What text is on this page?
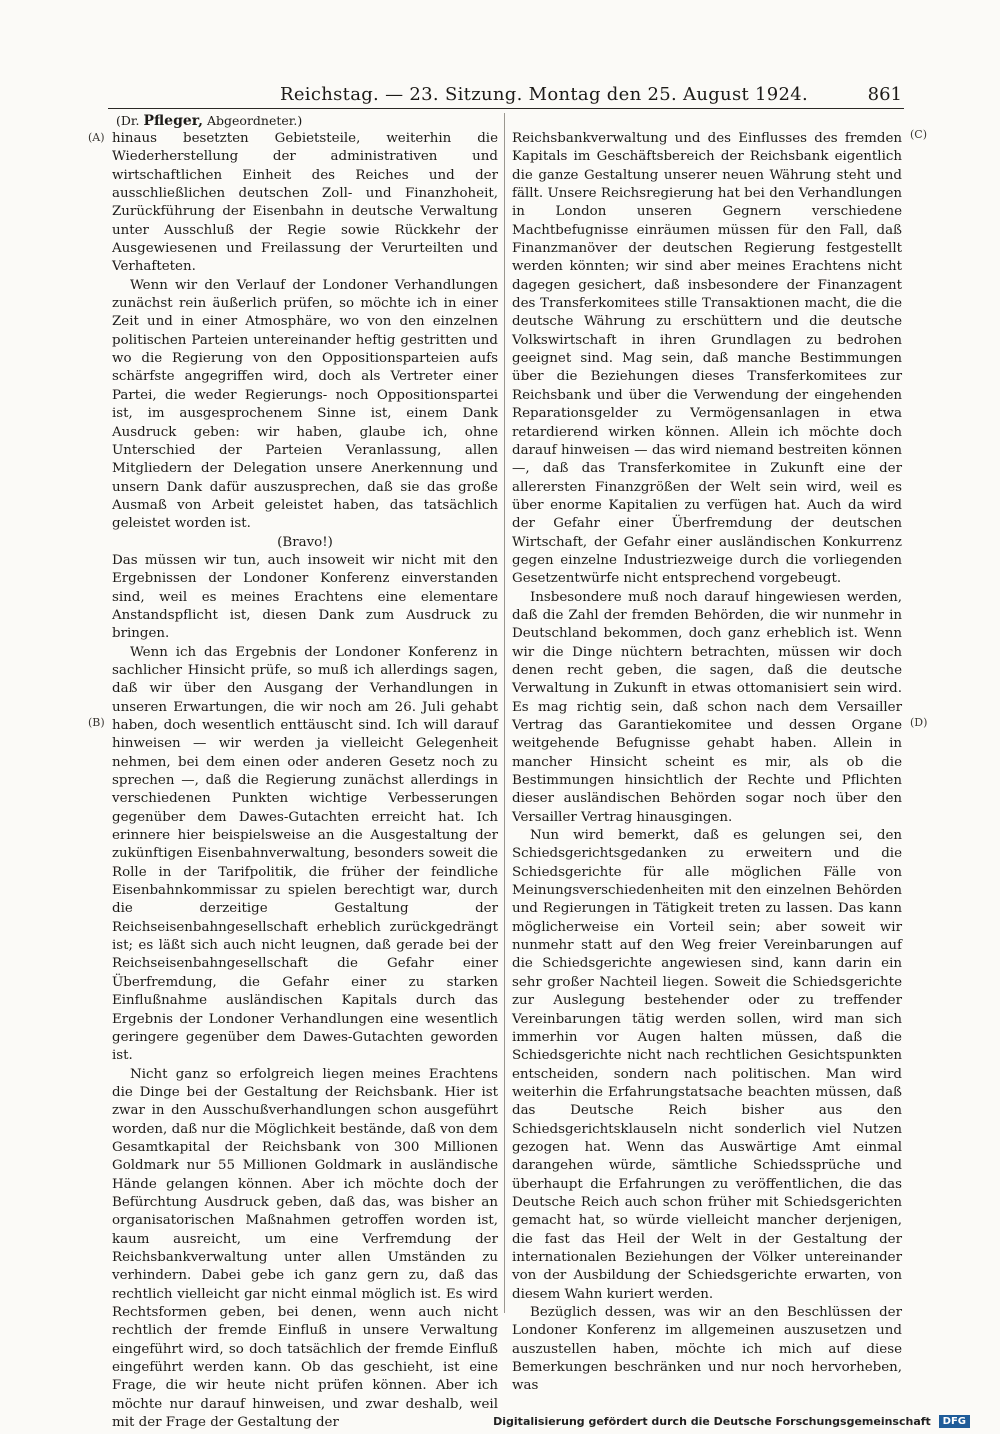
Reichstag. — 23. Sitzung. Montag den 25. August 1924.	861
(Dr. Pfleger, Abgeordneter.)
(A)
(B)
(C)
(D)

hinaus besetzten Gebietsteile, weiterhin die Wiederherstellung der administrativen und wirtschaftlichen Einheit des Reiches und der ausschließlichen deutschen Zoll- und Finanzhoheit, Zurückführung der Eisenbahn in deutsche Verwaltung unter Ausschluß der Regie sowie Rückkehr der Ausgewiesenen und Freilassung der Verurteilten und Verhafteten.

Wenn wir den Verlauf der Londoner Verhandlungen zunächst rein äußerlich prüfen, so möchte ich in einer Zeit und in einer Atmosphäre, wo von den einzelnen politischen Parteien untereinander heftig gestritten und wo die Regierung von den Oppositionsparteien aufs schärfste angegriffen wird, doch als Vertreter einer Partei, die weder Regierungs- noch Oppositionspartei ist, im ausgesprochenem Sinne ist, einem Dank Ausdruck geben: wir haben, glaube ich, ohne Unterschied der Parteien Veranlassung, allen Mitgliedern der Delegation unsere Anerkennung und unsern Dank dafür auszusprechen, daß sie das große Ausmaß von Arbeit geleistet haben, das tatsächlich geleistet worden ist.

(Bravo!)

Das müssen wir tun, auch insoweit wir nicht mit den Ergebnissen der Londoner Konferenz einverstanden sind, weil es meines Erachtens eine elementare Anstandspflicht ist, diesen Dank zum Ausdruck zu bringen.

Wenn ich das Ergebnis der Londoner Konferenz in sachlicher Hinsicht prüfe, so muß ich allerdings sagen, daß wir über den Ausgang der Verhandlungen in unseren Erwartungen, die wir noch am 26. Juli gehabt haben, doch wesentlich enttäuscht sind. Ich will darauf hinweisen — wir werden ja vielleicht Gelegenheit nehmen, bei dem einen oder anderen Gesetz noch zu sprechen —, daß die Regierung zunächst allerdings in verschiedenen Punkten wichtige Verbesserungen gegenüber dem Dawes-Gutachten erreicht hat. Ich erinnere hier beispielsweise an die Ausgestaltung der zukünftigen Eisenbahnverwaltung, besonders soweit die Rolle in der Tarifpolitik, die früher der feindliche Eisenbahnkommissar zu spielen berechtigt war, durch die derzeitige Gestaltung der Reichseisenbahngesellschaft erheblich zurückgedrängt ist; es läßt sich auch nicht leugnen, daß gerade bei der Reichseisenbahngesellschaft die Gefahr einer Überfremdung, die Gefahr einer zu starken Einflußnahme ausländischen Kapitals durch das Ergebnis der Londoner Verhandlungen eine wesentlich geringere gegenüber dem Dawes-Gutachten geworden ist.

Nicht ganz so erfolgreich liegen meines Erachtens die Dinge bei der Gestaltung der Reichsbank. Hier ist zwar in den Ausschußverhandlungen schon ausgeführt worden, daß nur die Möglichkeit bestände, daß von dem Gesamtkapital der Reichsbank von 300 Millionen Goldmark nur 55 Millionen Goldmark in ausländische Hände gelangen können. Aber ich möchte doch der Befürchtung Ausdruck geben, daß das, was bisher an organisatorischen Maßnahmen getroffen worden ist, kaum ausreicht, um eine Verfremdung der Reichsbankverwaltung unter allen Umständen zu verhindern. Dabei gebe ich ganz gern zu, daß das rechtlich vielleicht gar nicht einmal möglich ist. Es wird Rechtsformen geben, bei denen, wenn auch nicht rechtlich der fremde Einfluß in unsere Verwaltung eingeführt wird, so doch tatsächlich der fremde Einfluß eingeführt werden kann. Ob das geschieht, ist eine Frage, die wir heute nicht prüfen können. Aber ich möchte nur darauf hinweisen, und zwar deshalb, weil mit der Frage der Gestaltung der

Reichsbankverwaltung und des Einflusses des fremden Kapitals im Geschäftsbereich der Reichsbank eigentlich die ganze Gestaltung unserer neuen Währung steht und fällt. Unsere Reichsregierung hat bei den Verhandlungen in London unseren Gegnern verschiedene Machtbefugnisse einräumen müssen für den Fall, daß Finanzmanöver der deutschen Regierung festgestellt werden könnten; wir sind aber meines Erachtens nicht dagegen gesichert, daß insbesondere der Finanzagent des Transferkomitees stille Transaktionen macht, die die deutsche Währung zu erschüttern und die deutsche Volkswirtschaft in ihren Grundlagen zu bedrohen geeignet sind. Mag sein, daß manche Bestimmungen über die Beziehungen dieses Transferkomitees zur Reichsbank und über die Verwendung der eingehenden Reparationsgelder zu Vermögensanlagen in etwa retardierend wirken können. Allein ich möchte doch darauf hinweisen — das wird niemand bestreiten können —, daß das Transferkomitee in Zukunft eine der allerersten Finanzgrößen der Welt sein wird, weil es über enorme Kapitalien zu verfügen hat. Auch da wird der Gefahr einer Überfremdung der deutschen Wirtschaft, der Gefahr einer ausländischen Konkurrenz gegen einzelne Industriezweige durch die vorliegenden Gesetzentwürfe nicht entsprechend vorgebeugt.

Insbesondere muß noch darauf hingewiesen werden, daß die Zahl der fremden Behörden, die wir nunmehr in Deutschland bekommen, doch ganz erheblich ist. Wenn wir die Dinge nüchtern betrachten, müssen wir doch denen recht geben, die sagen, daß die deutsche Verwaltung in Zukunft in etwas ottomanisiert sein wird. Es mag richtig sein, daß schon nach dem Versailler Vertrag das Garantiekomitee und dessen Organe weitgehende Befugnisse gehabt haben. Allein in mancher Hinsicht scheint es mir, als ob die Bestimmungen hinsichtlich der Rechte und Pflichten dieser ausländischen Behörden sogar noch über den Versailler Vertrag hinausgingen.

Nun wird bemerkt, daß es gelungen sei, den Schiedsgerichtsgedanken zu erweitern und die Schiedsgerichte für alle möglichen Fälle von Meinungsverschiedenheiten mit den einzelnen Behörden und Regierungen in Tätigkeit treten zu lassen. Das kann möglicherweise ein Vorteil sein; aber soweit wir nunmehr statt auf den Weg freier Vereinbarungen auf die Schiedsgerichte angewiesen sind, kann darin ein sehr großer Nachteil liegen. Soweit die Schiedsgerichte zur Auslegung bestehender oder zu treffender Vereinbarungen tätig werden sollen, wird man sich immerhin vor Augen halten müssen, daß die Schiedsgerichte nicht nach rechtlichen Gesichtspunkten entscheiden, sondern nach politischen. Man wird weiterhin die Erfahrungstatsache beachten müssen, daß das Deutsche Reich bisher aus den Schiedsgerichtsklauseln nicht sonderlich viel Nutzen gezogen hat. Wenn das Auswärtige Amt einmal darangehen würde, sämtliche Schiedssprüche und überhaupt die Erfahrungen zu veröffentlichen, die das Deutsche Reich auch schon früher mit Schiedsgerichten gemacht hat, so würde vielleicht mancher derjenigen, die fast das Heil der Welt in der Gestaltung der internationalen Beziehungen der Völker untereinander von der Ausbildung der Schiedsgerichte erwarten, von diesem Wahn kuriert werden.

Bezüglich dessen, was wir an den Beschlüssen der Londoner Konferenz im allgemeinen auszusetzen und auszustellen haben, möchte ich mich auf diese Bemerkungen beschränken und nur noch hervorheben, was

Digitalisierung gefördert durch die Deutsche Forschungsgemeinschaft DFG
